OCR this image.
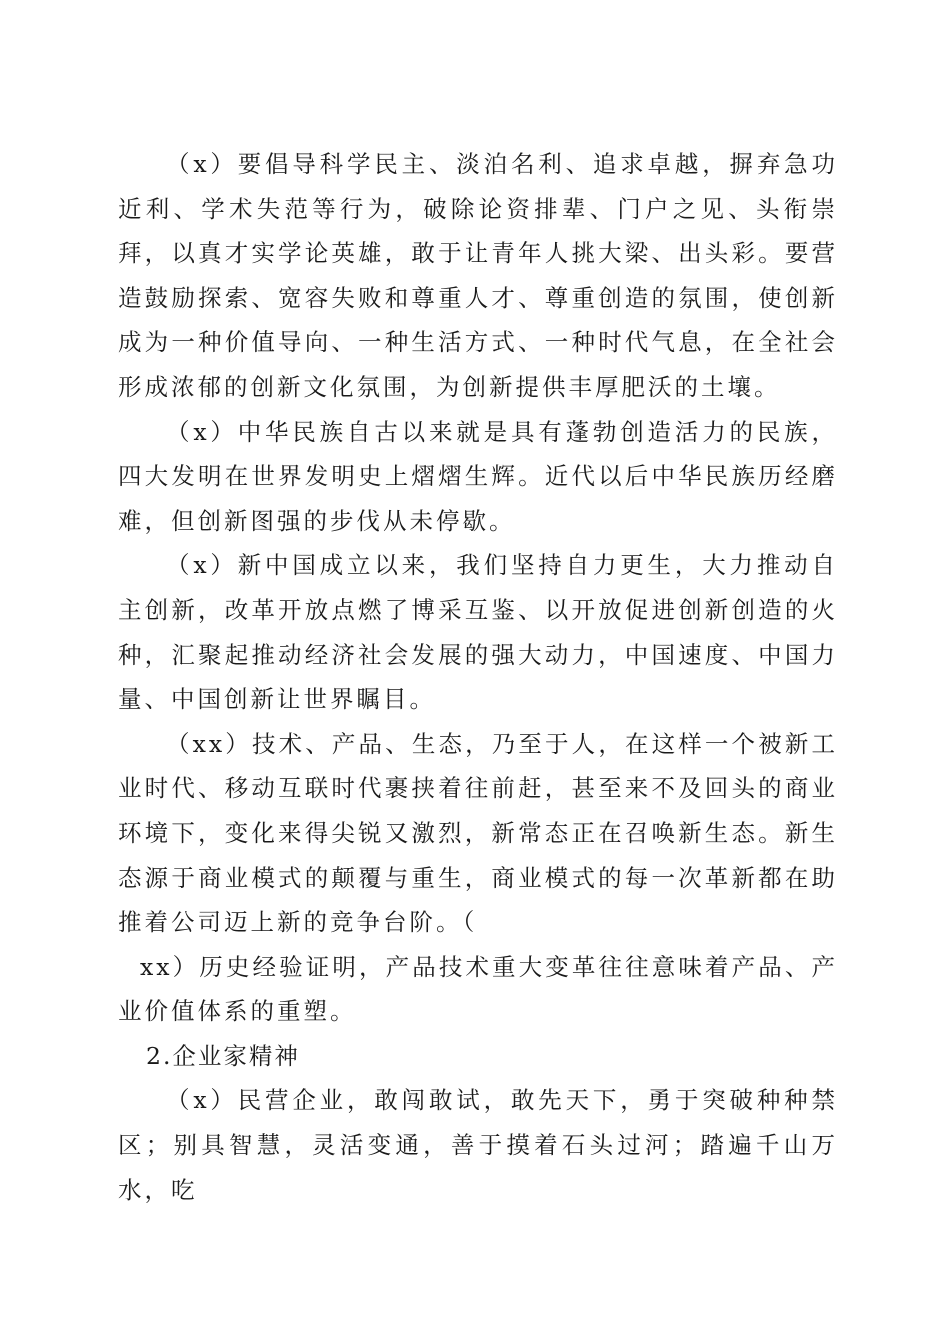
（x）要倡导科学民主、淡泊名利、追求卓越，摒弃急功近利、学术失范等行为，破除论资排辈、门户之见、头衔崇拜，以真才实学论英雄，敢于让青年人挑大梁、出头彩。要营造鼓励探索、宽容失败和尊重人才、尊重创造的氛围，使创新成为一种价值导向、一种生活方式、一种时代气息，在全社会形成浓郁的创新文化氛围，为创新提供丰厚肥沃的土壤。

（x）中华民族自古以来就是具有蓬勃创造活力的民族，四大发明在世界发明史上熠熠生辉。近代以后中华民族历经磨难，但创新图强的步伐从未停歇。

（x）新中国成立以来，我们坚持自力更生，大力推动自主创新，改革开放点燃了博采互鉴、以开放促进创新创造的火种，汇聚起推动经济社会发展的强大动力，中国速度、中国力量、中国创新让世界瞩目。

（xx）技术、产品、生态，乃至于人，在这样一个被新工业时代、移动互联时代裹挟着往前赶，甚至来不及回头的商业环境下，变化来得尖锐又激烈，新常态正在召唤新生态。新生态源于商业模式的颠覆与重生，商业模式的每一次革新都在助推着公司迈上新的竞争台阶。（

xx）历史经验证明，产品技术重大变革往往意味着产品、产业价值体系的重塑。

2.企业家精神

（x）民营企业，敢闯敢试，敢先天下，勇于突破种种禁区；别具智慧，灵活变通，善于摸着石头过河；踏遍千山万水，吃
